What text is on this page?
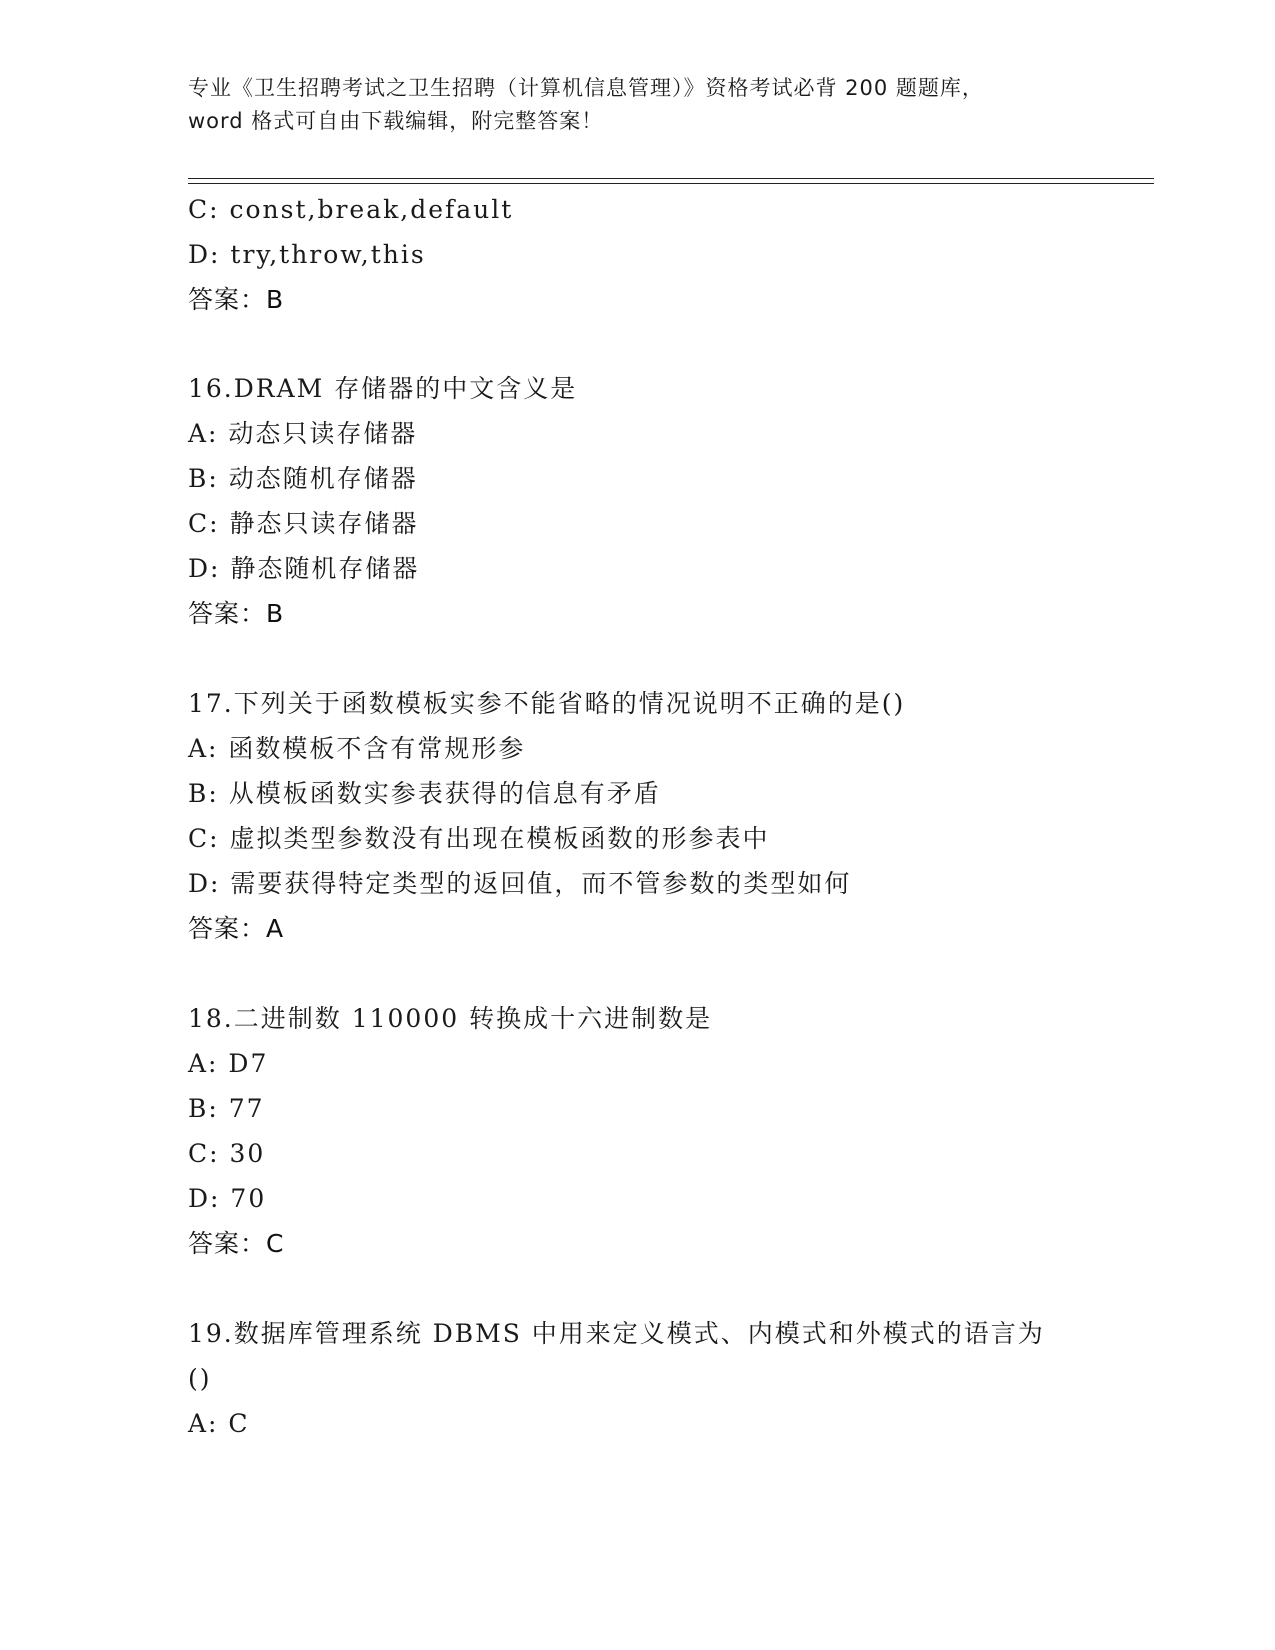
专业《卫生招聘考试之卫生招聘（计算机信息管理）》资格考试必背 200 题题库，
word 格式可自由下载编辑，附完整答案！
C: const,break,default
D: try,throw,this
答案：B
16.DRAM 存储器的中文含义是
A: 动态只读存储器
B: 动态随机存储器
C: 静态只读存储器
D: 静态随机存储器
答案：B
17.下列关于函数模板实参不能省略的情况说明不正确的是()
A: 函数模板不含有常规形参
B: 从模板函数实参表获得的信息有矛盾
C: 虚拟类型参数没有出现在模板函数的形参表中
D: 需要获得特定类型的返回值，而不管参数的类型如何
答案：A
18.二进制数 110000 转换成十六进制数是
A: D7
B: 77
C: 30
D: 70
答案：C
19.数据库管理系统 DBMS 中用来定义模式、内模式和外模式的语言为
()
A: C
